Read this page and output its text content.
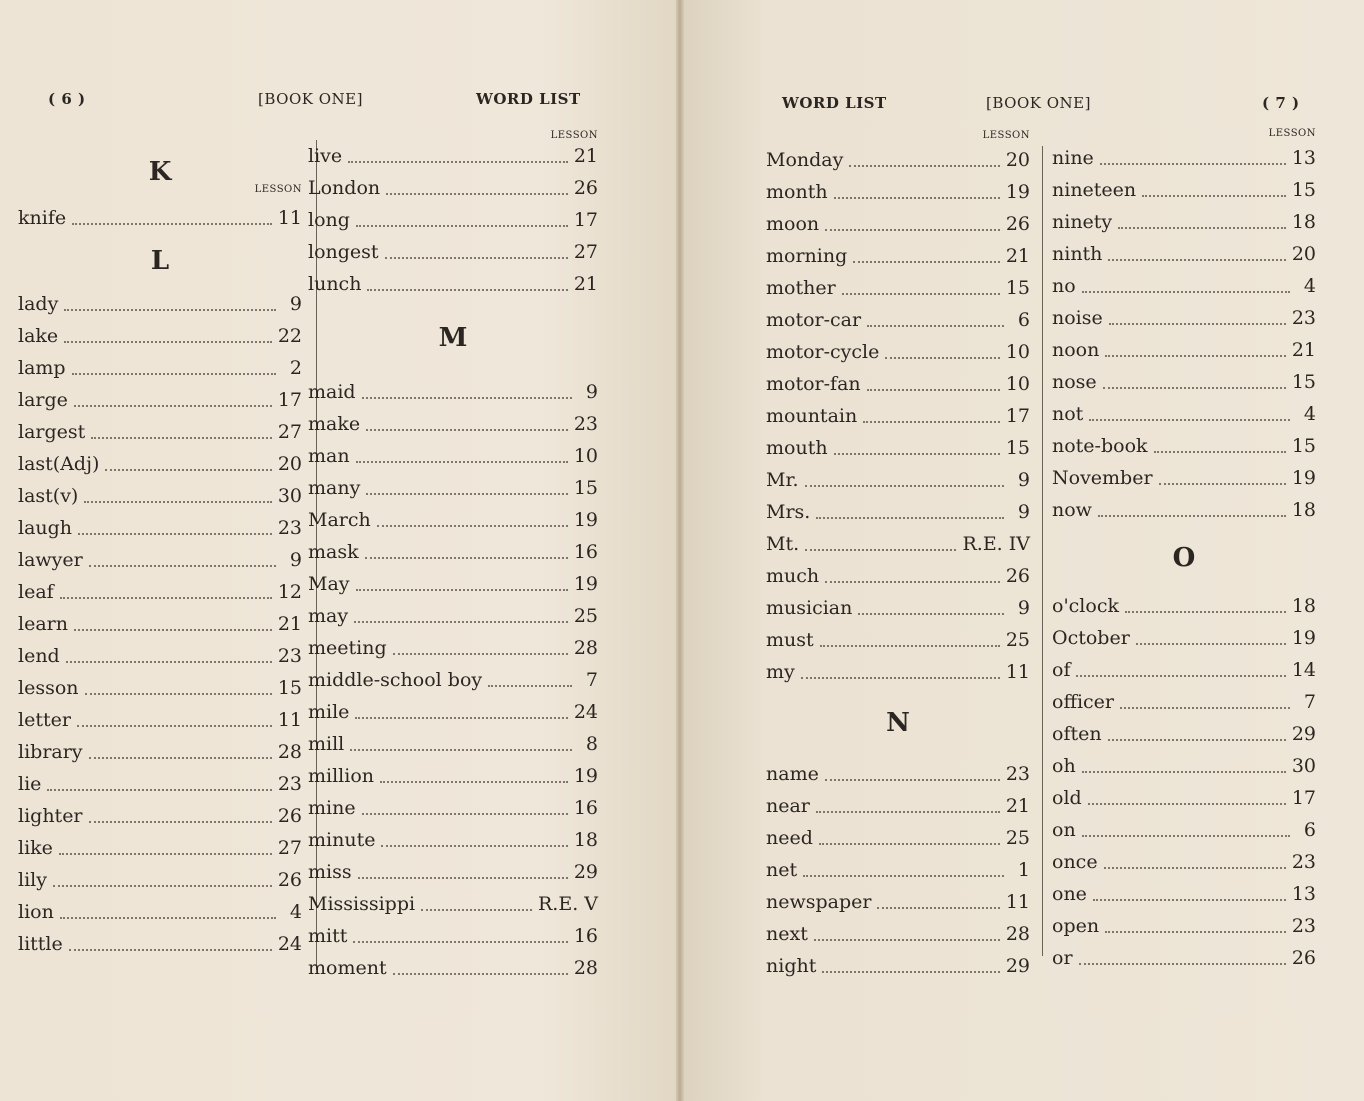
( 6 )	[BOOK ONE]	WORD LIST
K
LESSON
knife	11
L
lady	9
lake	22
lamp	2
large	17
largest	27
last(Adj)	20
last(v)	30
laugh	23
lawyer	9
leaf	12
learn	21
lend	23
lesson	15
letter	11
library	28
lie	23
lighter	26
like	27
lily	26
lion	4
little	24
LESSON
live	21
London	26
long	17
longest	27
lunch	21
M
maid	9
make	23
man	10
many	15
March	19
mask	16
May	19
may	25
meeting	28
middle-school boy	7
mile	24
mill	8
million	19
mine	16
minute	18
miss	29
Mississippi	R.E. V
mitt	16
moment	28
WORD LIST	[BOOK ONE]	( 7 )
LESSON
Monday	20
month	19
moon	26
morning	21
mother	15
motor-car	6
motor-cycle	10
motor-fan	10
mountain	17
mouth	15
Mr.	9
Mrs.	9
Mt.	R.E. IV
much	26
musician	9
must	25
my	11
N
name	23
near	21
need	25
net	1
newspaper	11
next	28
night	29
LESSON
nine	13
nineteen	15
ninety	18
ninth	20
no	4
noise	23
noon	21
nose	15
not	4
note-book	15
November	19
now	18
O
o'clock	18
October	19
of	14
officer	7
often	29
oh	30
old	17
on	6
once	23
one	13
open	23
or	26
